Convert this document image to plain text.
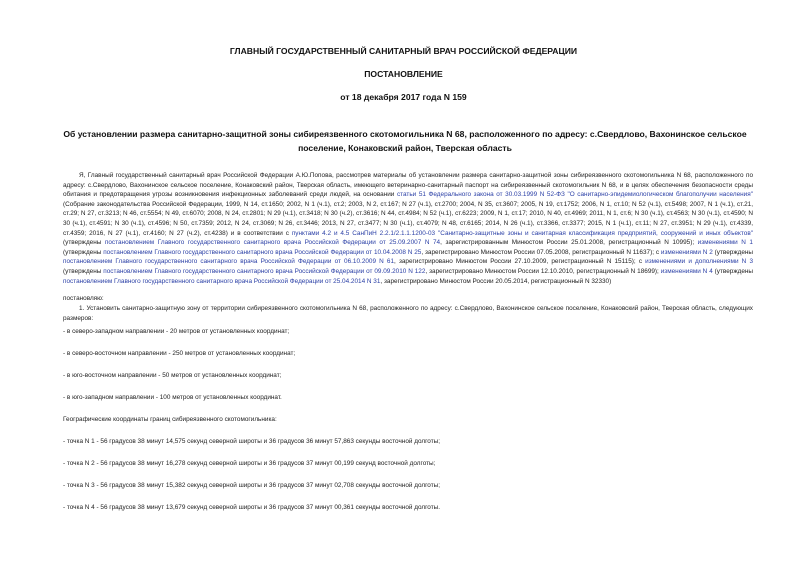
ГЛАВНЫЙ ГОСУДАРСТВЕННЫЙ САНИТАРНЫЙ ВРАЧ РОССИЙСКОЙ ФЕДЕРАЦИИ
ПОСТАНОВЛЕНИЕ
от 18 декабря 2017 года N 159
Об установлении размера санитарно-защитной зоны сибиреязвенного скотомогильника N 68, расположенного по адресу: с.Свердлово, Вахонинское сельское
поселение, Конаковский район, Тверская область

Я, Главный государственный санитарный врач Российской Федерации А.Ю.Попова, рассмотрев материалы об установлении размера санитарно-защитной зоны сибиреязвенного скотомогильника N 68, расположенного по адресу: с.Свердлово, Вахонинское сельское поселение, Конаковский район, Тверская область, имеющего ветеринарно-санитарный паспорт на сибиреязвенный скотомогильник N 68, и в целях обеспечения безопасности среды обитания и предотвращения угрозы возникновения инфекционных заболеваний среди людей, на основании статьи 51 Федерального закона от 30.03.1999 N 52-ФЗ "О санитарно-эпидемиологическом благополучии населения" (Собрание законодательства Российской Федерации, 1999, N 14, ст.1650; 2002, N 1 (ч.1), ст.2; 2003, N 2, ст.167; N 27 (ч.1), ст.2700; 2004, N 35, ст.3607; 2005, N 19, ст.1752; 2006, N 1, ст.10; N 52 (ч.1), ст.5498; 2007, N 1 (ч.1), ст.21, ст.29; N 27, ст.3213; N 46, ст.5554; N 49, ст.6070; 2008, N 24, ст.2801; N 29 (ч.1), ст.3418; N 30 (ч.2), ст.3616; N 44, ст.4984; N 52 (ч.1), ст.6223; 2009, N 1, ст.17; 2010, N 40, ст.4969; 2011, N 1, ст.6; N 30 (ч.1), ст.4563; N 30 (ч.1), ст.4590; N 30 (ч.1), ст.4591; N 30 (ч.1), ст.4596; N 50, ст.7359; 2012, N 24, ст.3069; N 26, ст.3446; 2013, N 27, ст.3477; N 30 (ч.1), ст.4079; N 48, ст.6165; 2014, N 26 (ч.1), ст.3366, ст.3377; 2015, N 1 (ч.1), ст.11; N 27, ст.3951; N 29 (ч.1), ст.4339, ст.4359; 2016, N 27 (ч.1), ст.4160; N 27 (ч.2), ст.4238) и в соответствии с пунктами 4.2 и 4.5 СанПиН 2.2.1/2.1.1.1200-03 "Санитарно-защитные зоны и санитарная классификация предприятий, сооружений и иных объектов" (утверждены постановлением Главного государственного санитарного врача Российской Федерации от 25.09.2007 N 74, зарегистрированным Минюстом России 25.01.2008, регистрационный N 10995); изменениями N 1 (утверждены постановлением Главного государственного санитарного врача Российской Федерации от 10.04.2008 N 25, зарегистрировано Минюстом России 07.05.2008, регистрационный N 11637); с изменениями N 2 (утверждены постановлением Главного государственного санитарного врача Российской Федерации от 06.10.2009 N 61, зарегистрировано Минюстом России 27.10.2009, регистрационный N 15115); с изменениями и дополнениями N 3 (утверждены постановлением Главного государственного санитарного врача Российской Федерации от 09.09.2010 N 122, зарегистрировано Минюстом России 12.10.2010, регистрационный N 18699); изменениями N 4 (утверждены постановлением Главного государственного санитарного врача Российской Федерации от 25.04.2014 N 31, зарегистрировано Минюстом России 20.05.2014, регистрационный N 32330)

постановляю:

1. Установить санитарно-защитную зону от территории сибиреязвенного скотомогильника N 68, расположенного по адресу: с.Свердлово, Вахонинское сельское поселение, Конаковский район, Тверская область, следующих размеров:

- в северо-западном направлении - 20 метров от установленных координат;
- в северо-восточном направлении - 250 метров от установленных координат;
- в юго-восточном направлении - 50 метров от установленных координат;
- в юго-западном направлении - 100 метров от установленных координат.
Географические координаты границ сибиреязвенного скотомогильника:
- точка N 1 - 56 градусов 38 минут 14,575 секунд северной широты и 36 градусов 36 минут 57,863 секунды восточной долготы;
- точка N 2 - 56 градусов 38 минут 16,278 секунд северной широты и 36 градусов 37 минут 00,199 секунд восточной долготы;
- точка N 3 - 56 градусов 38 минут 15,382 секунд северной широты и 36 градусов 37 минут 02,708 секунды восточной долготы;
- точка N 4 - 56 градусов 38 минут 13,679 секунд северной широты и 36 градусов 37 минут 00,361 секунды восточной долготы.
